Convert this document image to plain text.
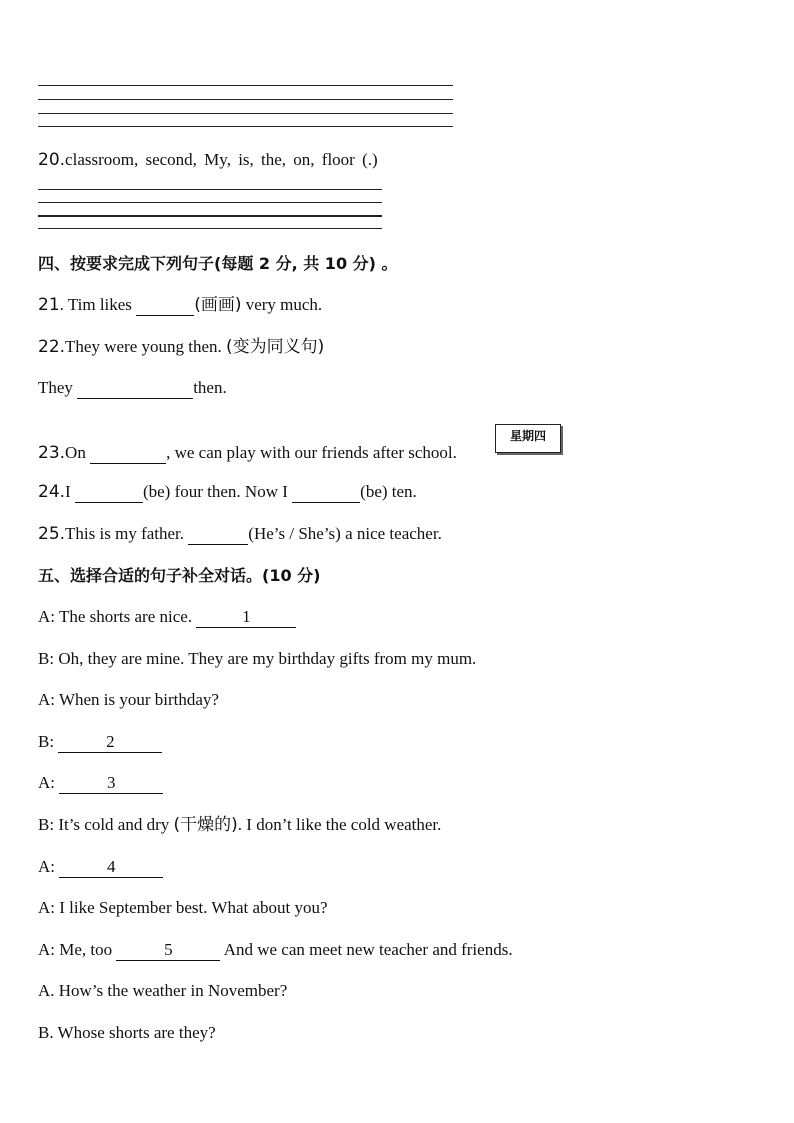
20.classroom, second, My, is, the, on, floor (.)
四、按要求完成下列句子(每题 2 分, 共 10 分) 。
21. Tim likes	(画画) very much.
22.They were young then. (变为同义句)
They	then.
23.On	, we can play with our friends after school.
星期四
24.I	(be) four then. Now I	(be) ten.
25.This is my father.	(He’s / She’s) a nice teacher.
五、选择合适的句子补全对话。(10 分)
A: The shorts are nice.	1
B: Oh, they are mine. They are my birthday gifts from my mum.
A: When is your birthday?
B:	2
A:	3
B: It’s cold and dry (干燥的). I don’t like the cold weather.
A:	4
A: I like September best. What about you?
A: Me, too	5	And we can meet new teacher and friends.
A. How’s the weather in November?
B. Whose shorts are they?
